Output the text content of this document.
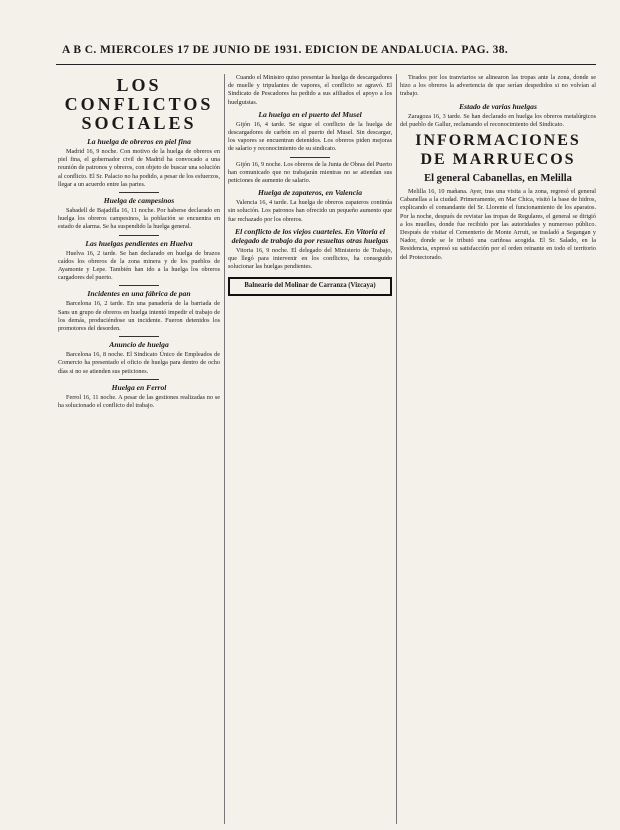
A B C. MIERCOLES 17 DE JUNIO DE 1931. EDICION DE ANDALUCIA. PAG. 38.
LOS CONFLICTOS SOCIALES
La huelga de obreros en piel fina

Madrid 16, 9 noche. Con motivo de la huelga de obreros en piel fina, el gobernador civil de Madrid ha convocado a una reunión de patronos y obreros, con objeto de buscar una solución al conflicto. El Sr. Palacio no ha podido, a pesar de los esfuerzos, llegar a un acuerdo entre las partes.

Huelga de campesinos

Sabadell de Bajadilla 16, 11 noche. Por haberse declarado en huelga los obreros campesinos, la población se encuentra en estado de alarma. Se ha suspendido la huelga general.

Las huelgas pendientes en Huelva

Huelva 16, 2 tarde. Se han declarado en huelga de brazos caídos los obreros de la zona minera y de los pueblos de Ayamonte y Lepe. También han ido a la huelga los obreros cargadores del puerto.

Incidentes en una fábrica de pan

Barcelona 16, 2 tarde. En una panadería de la barriada de Sans un grupo de obreros en huelga intentó impedir el trabajo de los demás, produciéndose un incidente. Fueron detenidos los promotores del desorden.

Anuncio de huelga

Barcelona 16, 8 noche. El Sindicato Único de Empleados de Comercio ha presentado el oficio de huelga para dentro de ocho días si no se atienden sus peticiones.

Huelga en Ferrol

Ferrol 16, 11 noche. A pesar de las gestiones realizadas no se ha solucionado el conflicto del trabajo.

Cuando el Ministro quiso presentar la huelga de descargadores de muelle y tripulantes de vapores, el conflicto se agravó. El Sindicato de Pescadores ha pedido a sus afiliados el apoyo a los huelguistas.

La huelga en el puerto del Musel

Gijón 16, 4 tarde. Se sigue el conflicto de la huelga de descargadores de carbón en el puerto del Musel. Sin descargar, los vapores se encuentran detenidos. Los obreros piden mejoras de salario y reconocimiento de su sindicato.

Gijón 16, 9 noche. Los obreros de la Junta de Obras del Puerto han comunicado que no trabajarán mientras no se atiendan sus peticiones de aumento de salario.

Huelga de zapateros, en Valencia

Valencia 16, 4 tarde. La huelga de obreros zapateros continúa sin solución. Los patronos han ofrecido un pequeño aumento que fue rechazado por los obreros.

El conflicto de los viejos cuarteles. En Vitoria el delegado de trabajo da por resueltas otras huelgas

Vitoria 16, 9 noche. El delegado del Ministerio de Trabajo, que llegó para intervenir en los conflictos, ha conseguido solucionar las huelgas pendientes.

Balneario del Molinar de Carranza (Vizcaya)

Tirados por los tranviarios se alinearon las tropas ante la zona, donde se hizo a los obreros la advertencia de que serían despedidos si no volvían al trabajo.

Estado de varias huelgas

Zaragoza 16, 3 tarde. Se han declarado en huelga los obreros metalúrgicos del pueblo de Gallur, reclamando el reconocimiento del Sindicato.

INFORMACIONES DE MARRUECOS
El general Cabanellas, en Melilla

Melilla 16, 10 mañana. Ayer, tras una visita a la zona, regresó el general Cabanellas a la ciudad. Primeramente, en Mar Chica, visitó la base de hidros, explicando el comandante del Sr. Llorente el funcionamiento de los aparatos. Por la noche, después de revistar las tropas de Regulares, el general se dirigió a los muelles, donde fue recibido por las autoridades y numeroso público. Después de visitar el Cementerio de Monte Arruit, se trasladó a Segangan y Nador, donde se le tributó una cariñosa acogida. El Sr. Salado, en la Residencia, expresó su satisfacción por el orden reinante en todo el territorio del Protectorado.
